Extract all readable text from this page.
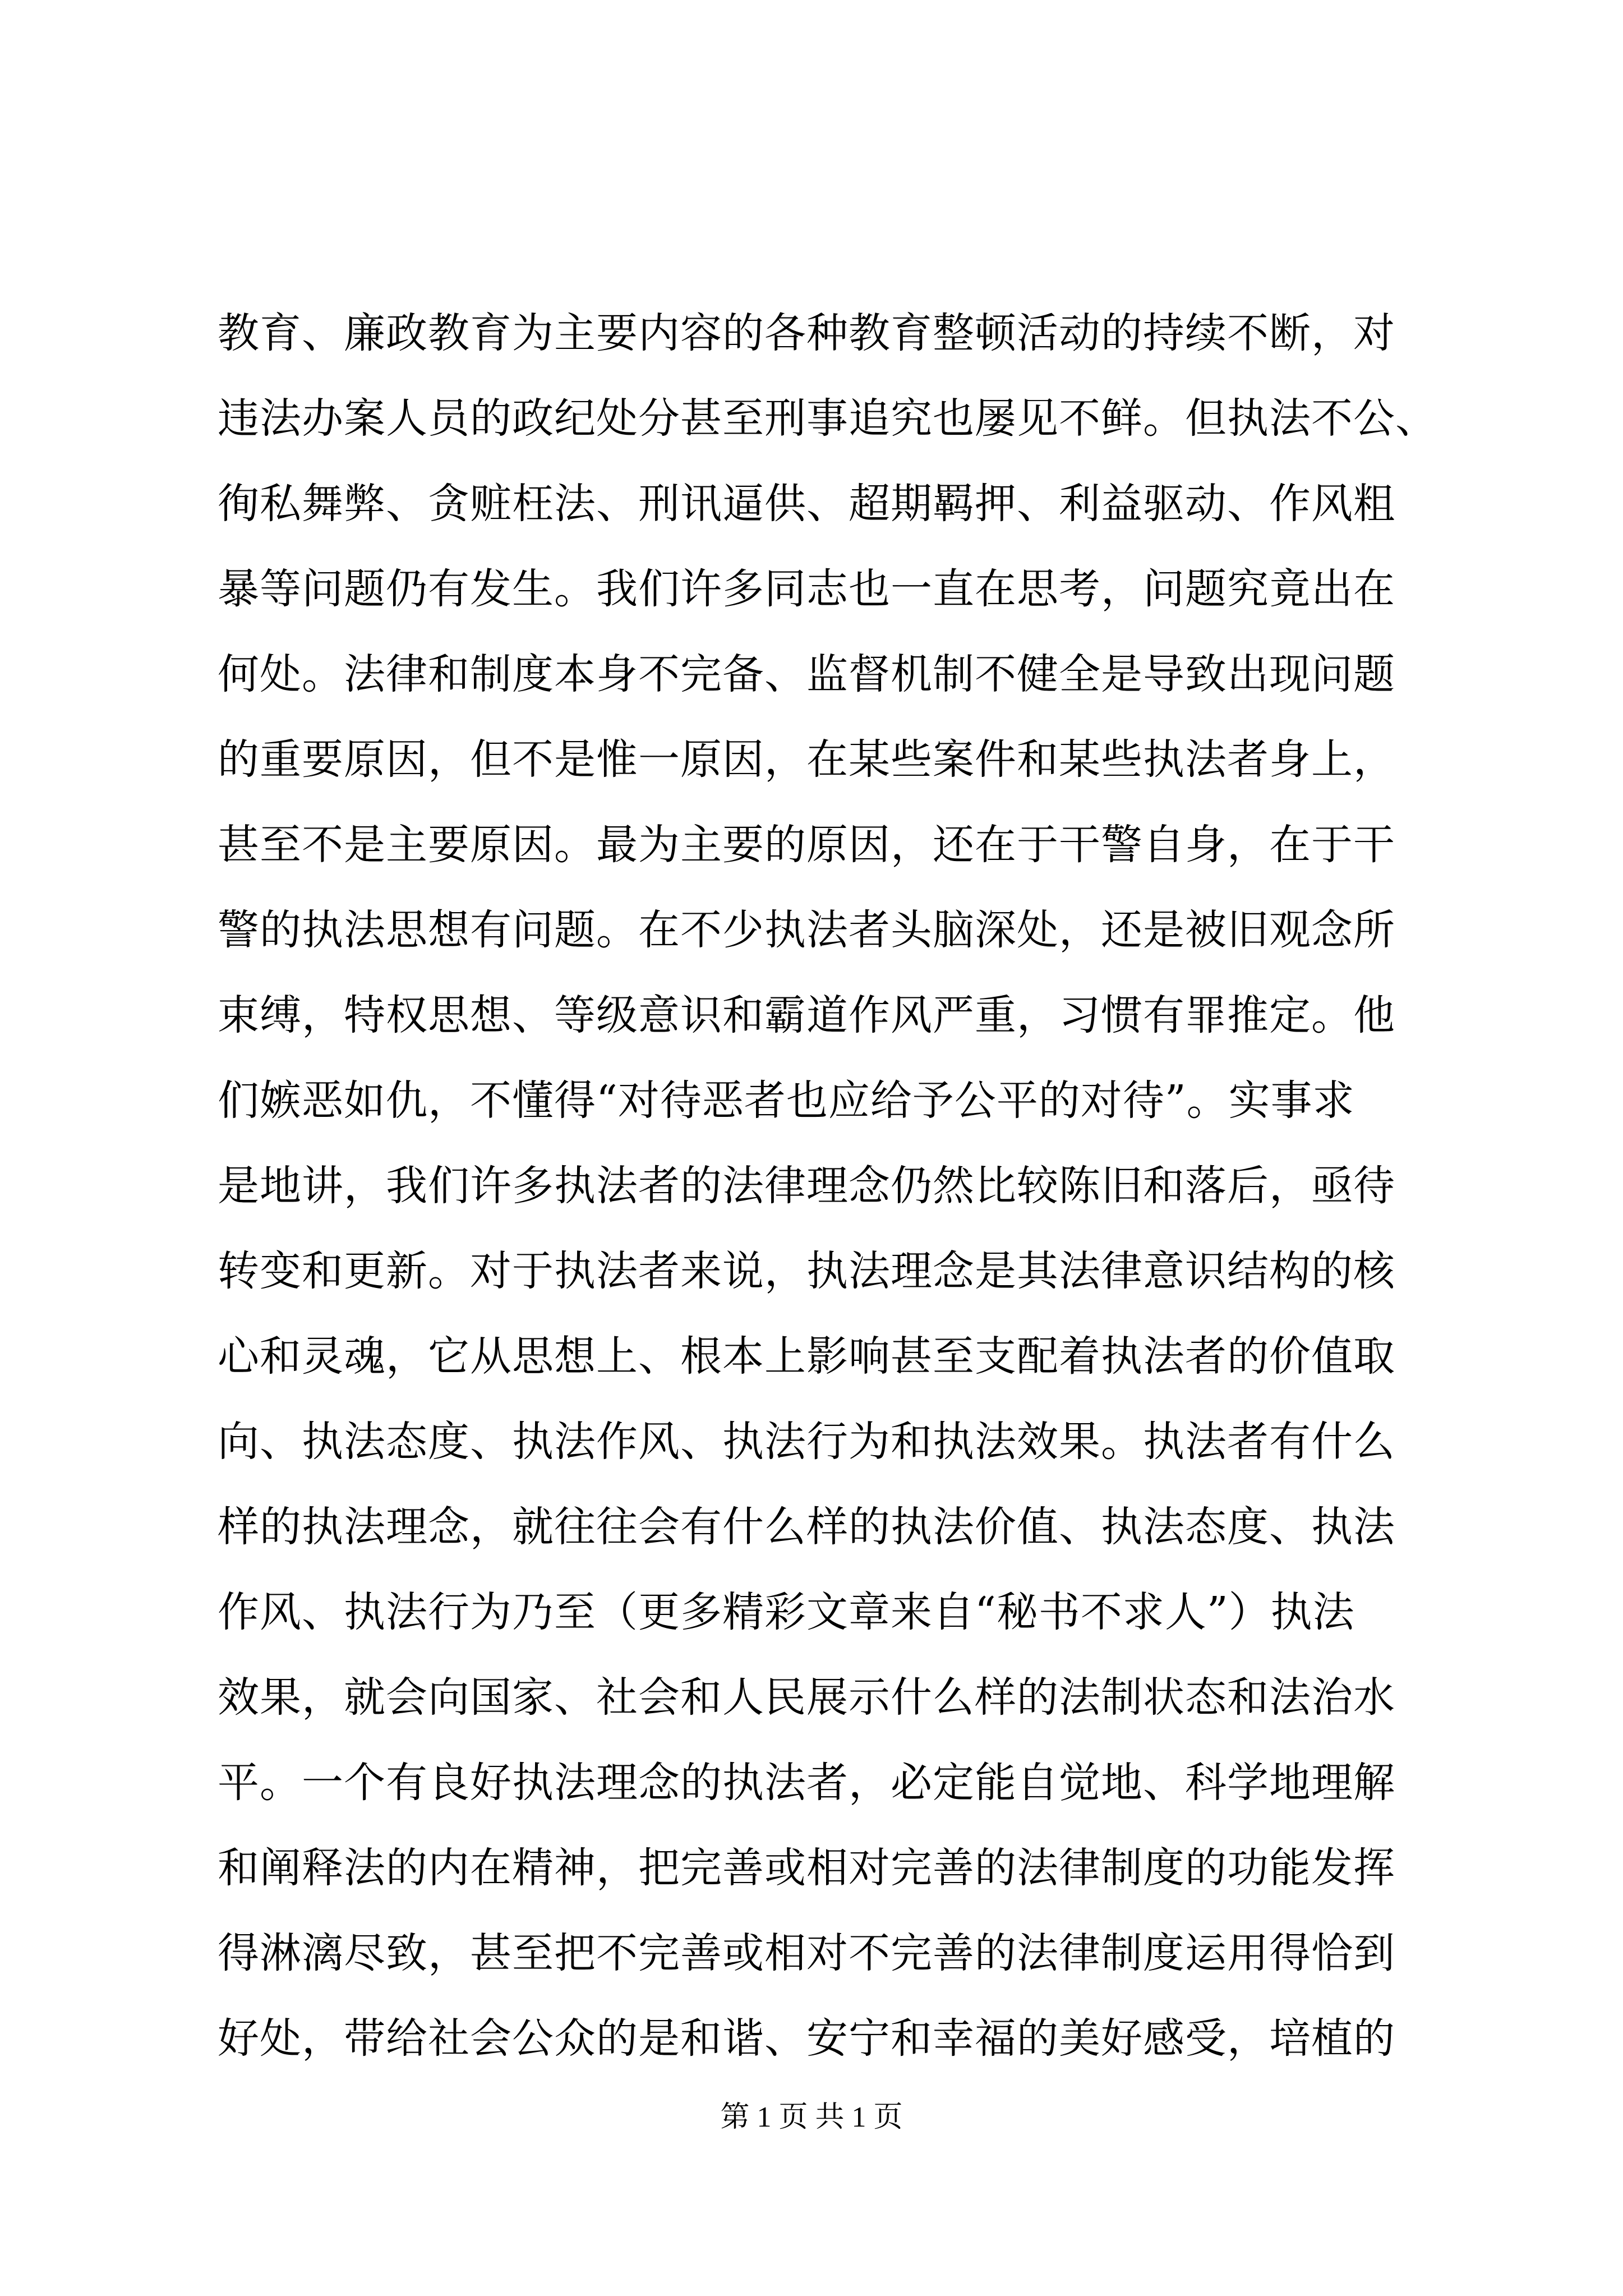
教育、廉政教育为主要内容的各种教育整顿活动的持续不断，对
违法办案人员的政纪处分甚至刑事追究也屡见不鲜。但执法不公、
徇私舞弊、贪赃枉法、刑讯逼供、超期羁押、利益驱动、作风粗
暴等问题仍有发生。我们许多同志也一直在思考，问题究竟出在
何处。法律和制度本身不完备、监督机制不健全是导致出现问题
的重要原因，但不是惟一原因，在某些案件和某些执法者身上，
甚至不是主要原因。最为主要的原因，还在于干警自身，在于干
警的执法思想有问题。在不少执法者头脑深处，还是被旧观念所
束缚，特权思想、等级意识和霸道作风严重，习惯有罪推定。他
们嫉恶如仇，不懂得“对待恶者也应给予公平的对待”。实事求
是地讲，我们许多执法者的法律理念仍然比较陈旧和落后，亟待
转变和更新。对于执法者来说，执法理念是其法律意识结构的核
心和灵魂，它从思想上、根本上影响甚至支配着执法者的价值取
向、执法态度、执法作风、执法行为和执法效果。执法者有什么
样的执法理念，就往往会有什么样的执法价值、执法态度、执法
作风、执法行为乃至（更多精彩文章来自“秘书不求人”）执法
效果，就会向国家、社会和人民展示什么样的法制状态和法治水
平。一个有良好执法理念的执法者，必定能自觉地、科学地理解
和阐释法的内在精神，把完善或相对完善的法律制度的功能发挥
得淋漓尽致，甚至把不完善或相对不完善的法律制度运用得恰到
好处，带给社会公众的是和谐、安宁和幸福的美好感受，培植的
第 1 页 共 1 页
